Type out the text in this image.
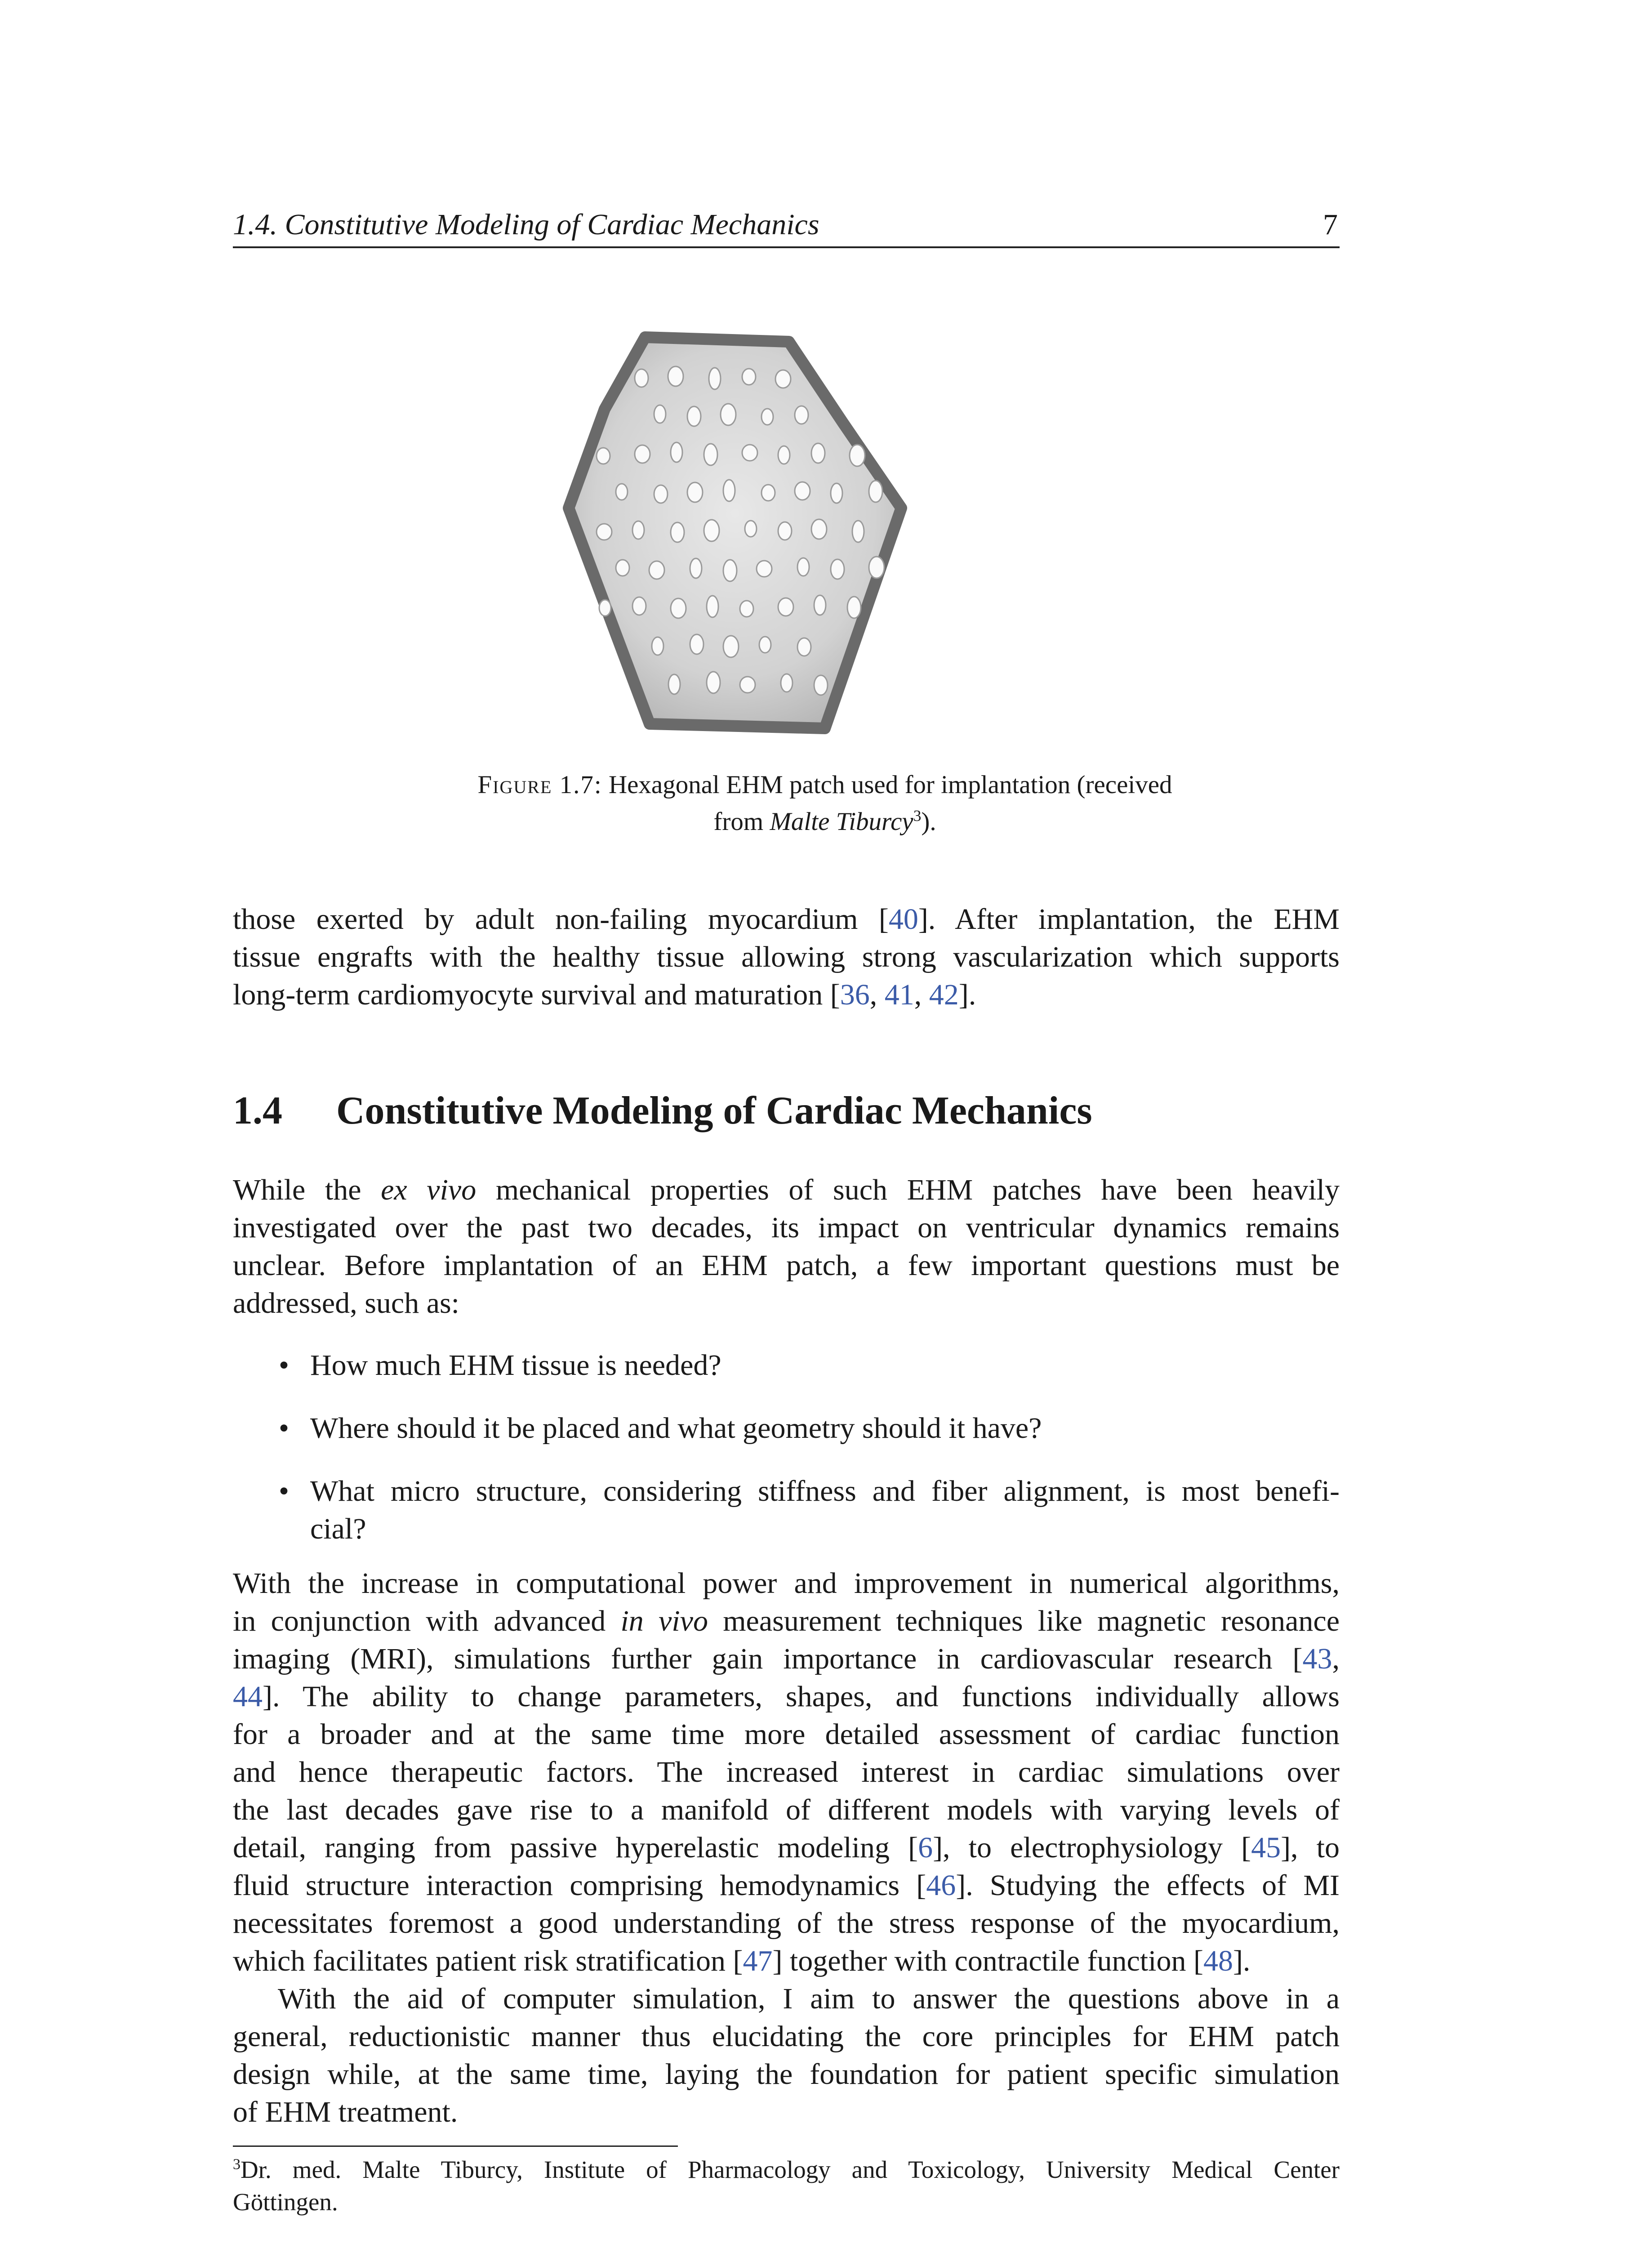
1.4. Constitutive Modeling of Cardiac Mechanics	7
Figure 1.7: Hexagonal EHM patch used for implantation (received
from Malte Tiburcy$^3$).
those exerted by adult non-failing myocardium [40]. After implantation, the EHM
tissue engrafts with the healthy tissue allowing strong vascularization which supports
long-term cardiomyocyte survival and maturation [36, 41, 42].
1.4 Constitutive Modeling of Cardiac Mechanics
While the ex vivo mechanical properties of such EHM patches have been heavily
investigated over the past two decades, its impact on ventricular dynamics remains
unclear. Before implantation of an EHM patch, a few important questions must be
addressed, such as:
• How much EHM tissue is needed?
• Where should it be placed and what geometry should it have?
• What micro structure, considering stiffness and fiber alignment, is most benefi-
cial?
With the increase in computational power and improvement in numerical algorithms,
in conjunction with advanced in vivo measurement techniques like magnetic resonance
imaging (MRI), simulations further gain importance in cardiovascular research [43,
44]. The ability to change parameters, shapes, and functions individually allows
for a broader and at the same time more detailed assessment of cardiac function
and hence therapeutic factors. The increased interest in cardiac simulations over
the last decades gave rise to a manifold of different models with varying levels of
detail, ranging from passive hyperelastic modeling [6], to electrophysiology [45], to
fluid structure interaction comprising hemodynamics [46]. Studying the effects of MI
necessitates foremost a good understanding of the stress response of the myocardium,
which facilitates patient risk stratification [47] together with contractile function [48].
With the aid of computer simulation, I aim to answer the questions above in a
general, reductionistic manner thus elucidating the core principles for EHM patch
design while, at the same time, laying the foundation for patient specific simulation
of EHM treatment.
$^3$Dr. med. Malte Tiburcy, Institute of Pharmacology and Toxicology, University Medical Center
Göttingen.
